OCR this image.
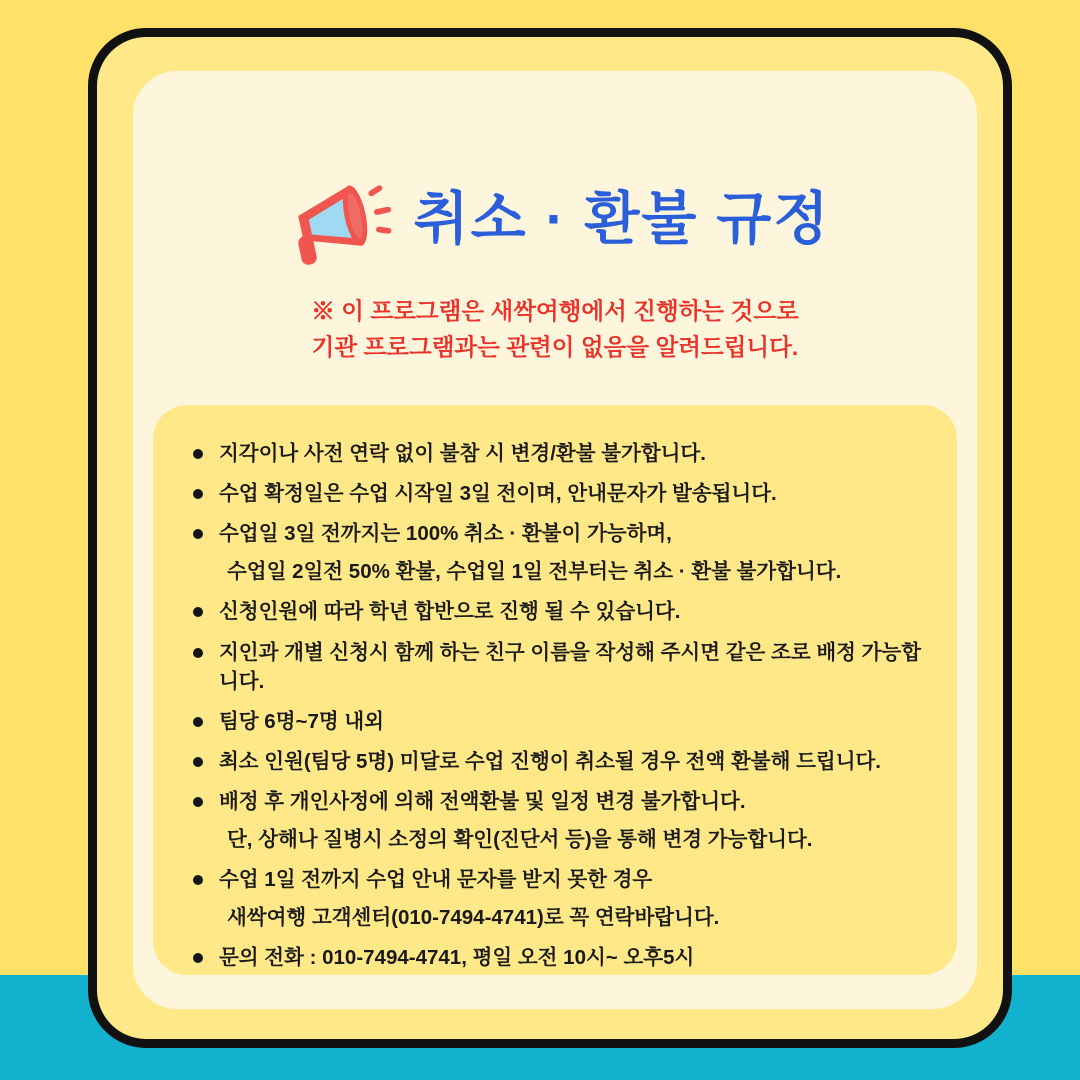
취소 · 환불 규정
※ 이 프로그램은 새싹여행에서 진행하는 것으로
기관 프로그램과는 관련이 없음을 알려드립니다.
지각이나 사전 연락 없이 불참 시 변경/환불 불가합니다.
수업 확정일은 수업 시작일 3일 전이며, 안내문자가 발송됩니다.
수업일 3일 전까지는 100% 취소 · 환불이 가능하며,
수업일 2일전 50% 환불, 수업일 1일 전부터는 취소 · 환불 불가합니다.
신청인원에 따라 학년 합반으로 진행 될 수 있습니다.
지인과 개별 신청시 함께 하는 친구 이름을 작성해 주시면 같은 조로 배정 가능합니다.
팀당 6명~7명 내외
최소 인원(팀당 5명) 미달로 수업 진행이 취소될 경우 전액 환불해 드립니다.
배정 후 개인사정에 의해 전액환불 및 일정 변경 불가합니다.
단, 상해나 질병시 소정의 확인(진단서 등)을 통해 변경 가능합니다.
수업 1일 전까지 수업 안내 문자를 받지 못한 경우
새싹여행 고객센터(010-7494-4741)로 꼭 연락바랍니다.
문의 전화 : 010-7494-4741, 평일 오전 10시~ 오후5시
